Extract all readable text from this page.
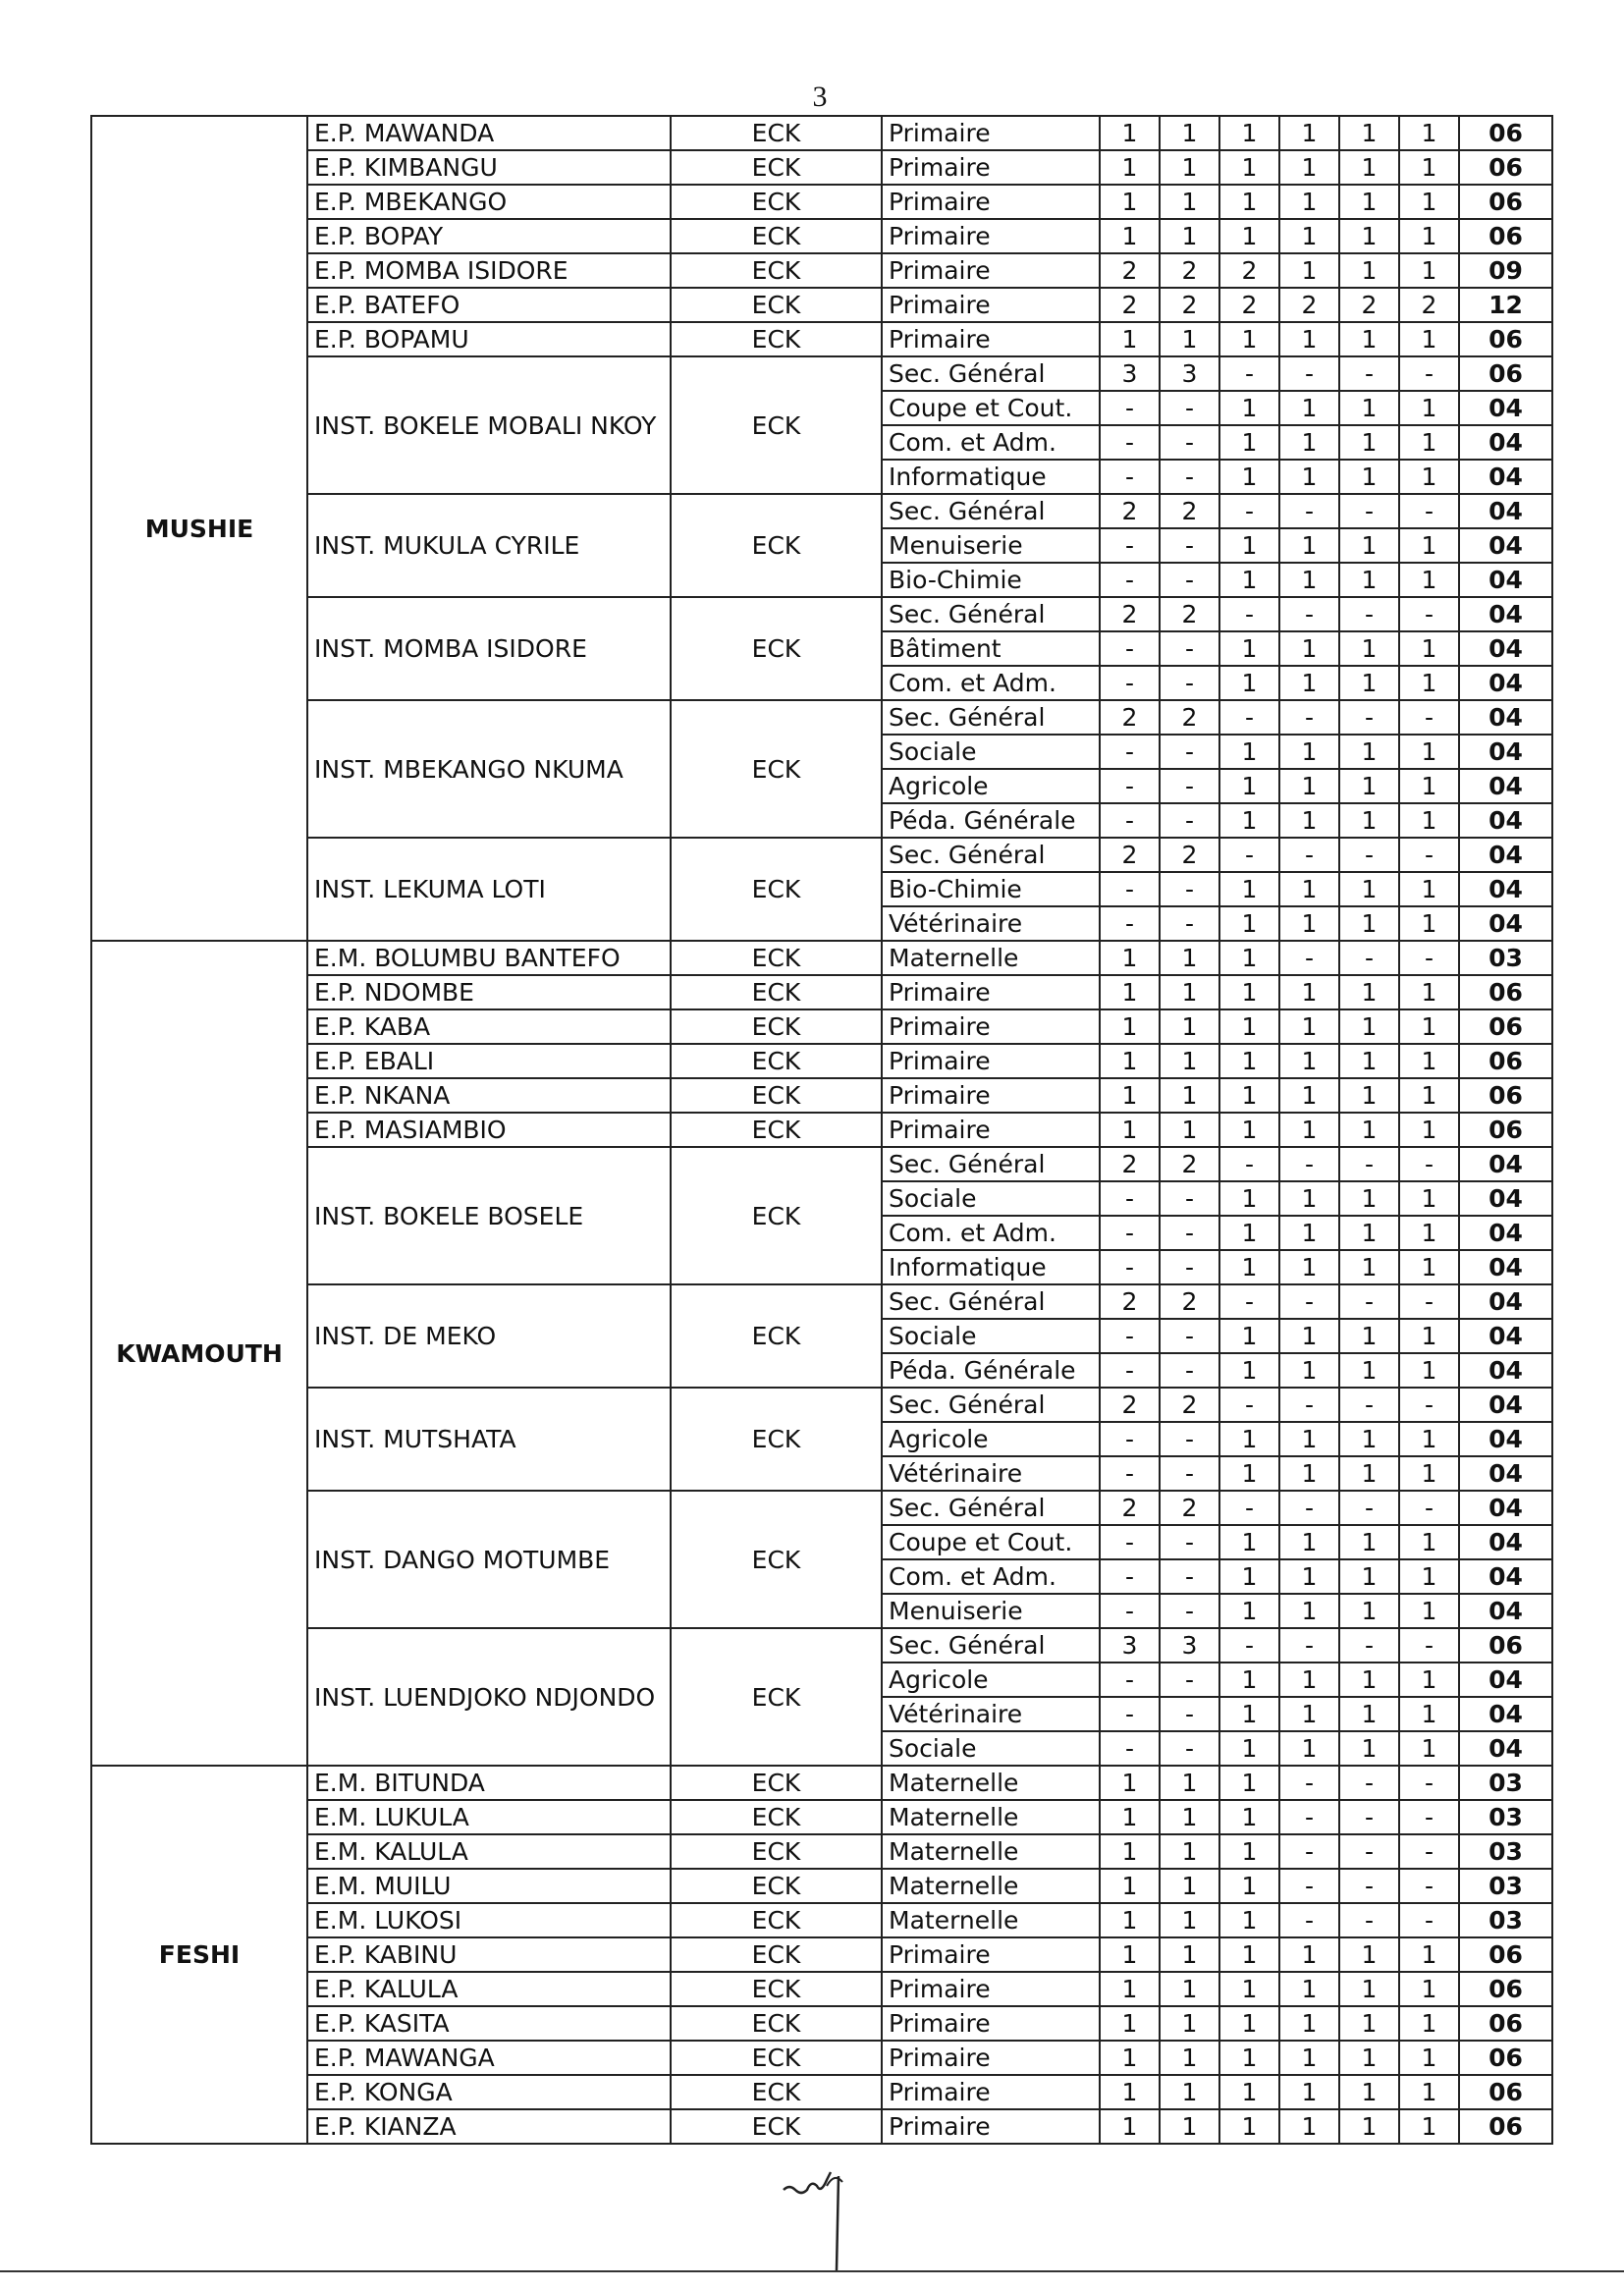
3
MUSHIE	E.P. MAWANDA	ECK	Primaire	1	1	1	1	1	1	06
	E.P. KIMBANGU	ECK	Primaire	1	1	1	1	1	1	06
	E.P. MBEKANGO	ECK	Primaire	1	1	1	1	1	1	06
	E.P. BOPAY	ECK	Primaire	1	1	1	1	1	1	06
	E.P. MOMBA ISIDORE	ECK	Primaire	2	2	2	1	1	1	09
	E.P. BATEFO	ECK	Primaire	2	2	2	2	2	2	12
	E.P. BOPAMU	ECK	Primaire	1	1	1	1	1	1	06
	INST. BOKELE MOBALI NKOY	ECK	Sec. Général	3	3	-	-	-	-	06
			Coupe et Cout.	-	-	1	1	1	1	04
			Com. et Adm.	-	-	1	1	1	1	04
			Informatique	-	-	1	1	1	1	04
	INST. MUKULA CYRILE	ECK	Sec. Général	2	2	-	-	-	-	04
			Menuiserie	-	-	1	1	1	1	04
			Bio-Chimie	-	-	1	1	1	1	04
	INST. MOMBA ISIDORE	ECK	Sec. Général	2	2	-	-	-	-	04
			Bâtiment	-	-	1	1	1	1	04
			Com. et Adm.	-	-	1	1	1	1	04
	INST. MBEKANGO NKUMA	ECK	Sec. Général	2	2	-	-	-	-	04
			Sociale	-	-	1	1	1	1	04
			Agricole	-	-	1	1	1	1	04
			Péda. Générale	-	-	1	1	1	1	04
	INST. LEKUMA LOTI	ECK	Sec. Général	2	2	-	-	-	-	04
			Bio-Chimie	-	-	1	1	1	1	04
			Vétérinaire	-	-	1	1	1	1	04
KWAMOUTH	E.M. BOLUMBU BANTEFO	ECK	Maternelle	1	1	1	-	-	-	03
	E.P. NDOMBE	ECK	Primaire	1	1	1	1	1	1	06
	E.P. KABA	ECK	Primaire	1	1	1	1	1	1	06
	E.P. EBALI	ECK	Primaire	1	1	1	1	1	1	06
	E.P. NKANA	ECK	Primaire	1	1	1	1	1	1	06
	E.P. MASIAMBIO	ECK	Primaire	1	1	1	1	1	1	06
	INST. BOKELE BOSELE	ECK	Sec. Général	2	2	-	-	-	-	04
			Sociale	-	-	1	1	1	1	04
			Com. et Adm.	-	-	1	1	1	1	04
			Informatique	-	-	1	1	1	1	04
	INST. DE MEKO	ECK	Sec. Général	2	2	-	-	-	-	04
			Sociale	-	-	1	1	1	1	04
			Péda. Générale	-	-	1	1	1	1	04
	INST. MUTSHATA	ECK	Sec. Général	2	2	-	-	-	-	04
			Agricole	-	-	1	1	1	1	04
			Vétérinaire	-	-	1	1	1	1	04
	INST. DANGO MOTUMBE	ECK	Sec. Général	2	2	-	-	-	-	04
			Coupe et Cout.	-	-	1	1	1	1	04
			Com. et Adm.	-	-	1	1	1	1	04
			Menuiserie	-	-	1	1	1	1	04
	INST. LUENDJOKO NDJONDO	ECK	Sec. Général	3	3	-	-	-	-	06
			Agricole	-	-	1	1	1	1	04
			Vétérinaire	-	-	1	1	1	1	04
			Sociale	-	-	1	1	1	1	04
FESHI	E.M. BITUNDA	ECK	Maternelle	1	1	1	-	-	-	03
	E.M. LUKULA	ECK	Maternelle	1	1	1	-	-	-	03
	E.M. KALULA	ECK	Maternelle	1	1	1	-	-	-	03
	E.M. MUILU	ECK	Maternelle	1	1	1	-	-	-	03
	E.M. LUKOSI	ECK	Maternelle	1	1	1	-	-	-	03
	E.P. KABINU	ECK	Primaire	1	1	1	1	1	1	06
	E.P. KALULA	ECK	Primaire	1	1	1	1	1	1	06
	E.P. KASITA	ECK	Primaire	1	1	1	1	1	1	06
	E.P. MAWANGA	ECK	Primaire	1	1	1	1	1	1	06
	E.P. KONGA	ECK	Primaire	1	1	1	1	1	1	06
	E.P. KIANZA	ECK	Primaire	1	1	1	1	1	1	06
